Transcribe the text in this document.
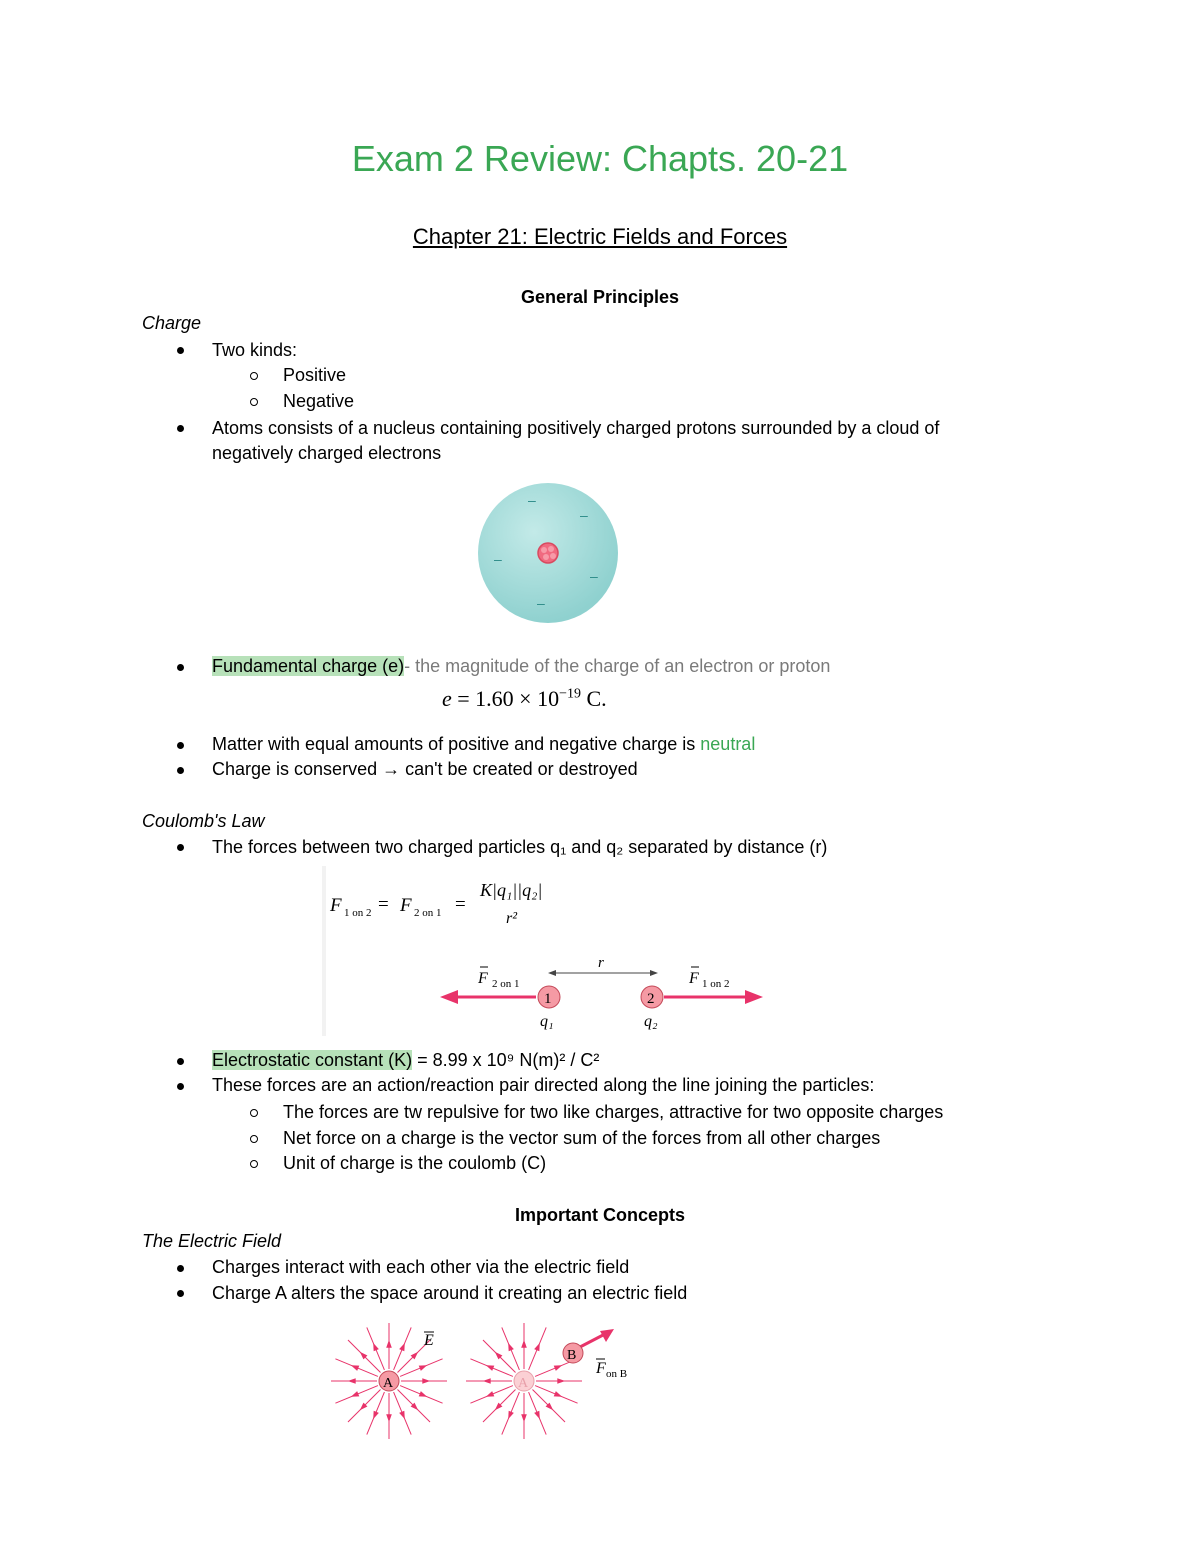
Exam 2 Review: Chapts. 20-21
Chapter 21: Electric Fields and Forces
General Principles
Charge
Two kinds:
Positive
Negative
Atoms consists of a nucleus containing positively charged protons surrounded by a cloud of
negatively charged electrons
–
–
–
–
–
Fundamental charge (e)- the magnitude of the charge of an electron or proton
$e = 1.60 \times 10^{-19}$ C.
Matter with equal amounts of positive and negative charge is neutral
Charge is conserved → can't be created or destroyed
Coulomb's Law
The forces between two charged particles q₁ and q₂ separated by distance (r)
F 1 on 2 = F 2 on 1 =
K|q₁||q₂|
r²
r
F 2 on 1	F 1 on 2
1	2
q₁	q₂
Electrostatic constant (K) = 8.99 x 10⁹ N(m)² / C²
These forces are an action/reaction pair directed along the line joining the particles:
The forces are tw repulsive for two like charges, attractive for two opposite charges
Net force on a charge is the vector sum of the forces from all other charges
Unit of charge is the coulomb (C)
Important Concepts
The Electric Field
Charges interact with each other via the electric field
Charge A alters the space around it creating an electric field
A	A
B
E
F on B
